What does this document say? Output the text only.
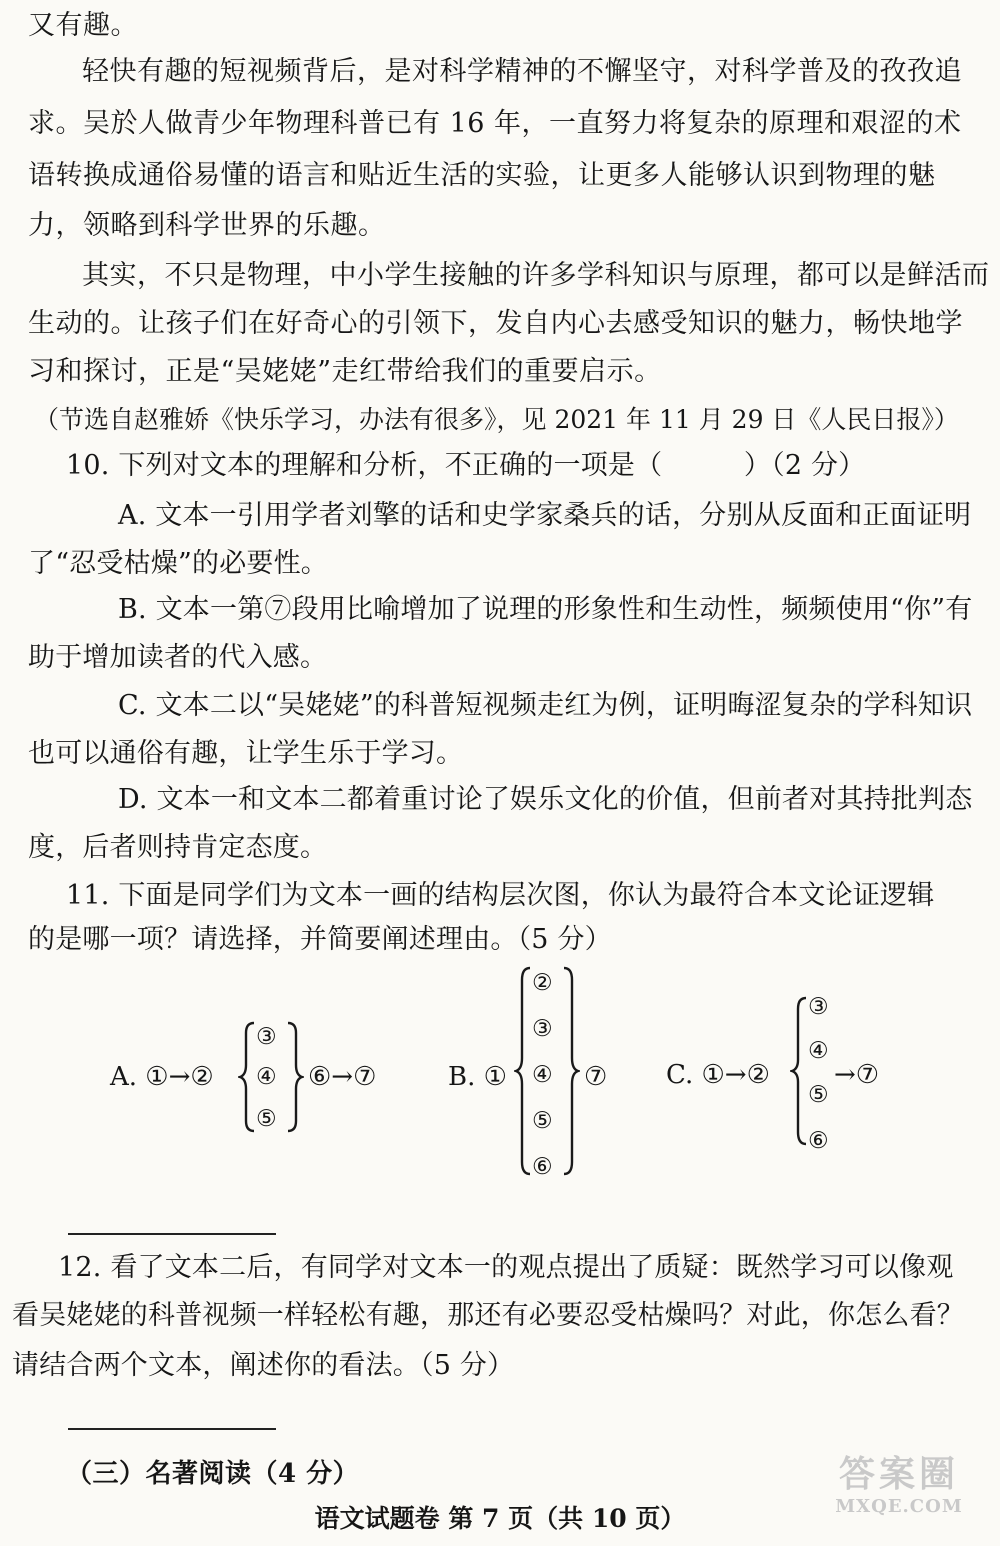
又有趣。
轻快有趣的短视频背后，是对科学精神的不懈坚守，对科学普及的孜孜追
求。吴於人做青少年物理科普已有 16 年，一直努力将复杂的原理和艰涩的术
语转换成通俗易懂的语言和贴近生活的实验，让更多人能够认识到物理的魅
力，领略到科学世界的乐趣。
其实，不只是物理，中小学生接触的许多学科知识与原理，都可以是鲜活而
生动的。让孩子们在好奇心的引领下，发自内心去感受知识的魅力，畅快地学
习和探讨，正是“吴姥姥”走红带给我们的重要启示。
（节选自赵雅娇《快乐学习，办法有很多》，见 2021 年 11 月 29 日《人民日报》）
10. 下列对文本的理解和分析，不正确的一项是（　　　）（2 分）
A. 文本一引用学者刘擎的话和史学家桑兵的话，分别从反面和正面证明
了“忍受枯燥”的必要性。
B. 文本一第⑦段用比喻增加了说理的形象性和生动性，频频使用“你”有
助于增加读者的代入感。
C. 文本二以“吴姥姥”的科普短视频走红为例，证明晦涩复杂的学科知识
也可以通俗有趣，让学生乐于学习。
D. 文本一和文本二都着重讨论了娱乐文化的价值，但前者对其持批判态
度，后者则持肯定态度。
11. 下面是同学们为文本一画的结构层次图，你认为最符合本文论证逻辑
的是哪一项？请选择，并简要阐述理由。（5 分）
A. ①→②
③
④
⑤
⑥→⑦	B. ①
②
③
④
⑤
⑥
⑦ C. ①→②
③
④
⑤
⑥
→⑦
12. 看了文本二后，有同学对文本一的观点提出了质疑：既然学习可以像观
看吴姥姥的科普视频一样轻松有趣，那还有必要忍受枯燥吗？对此，你怎么看？
请结合两个文本，阐述你的看法。（5 分）
（三）名著阅读（4 分）
语文试题卷 第 7 页（共 10 页）
答案圈
MXQE.COM
